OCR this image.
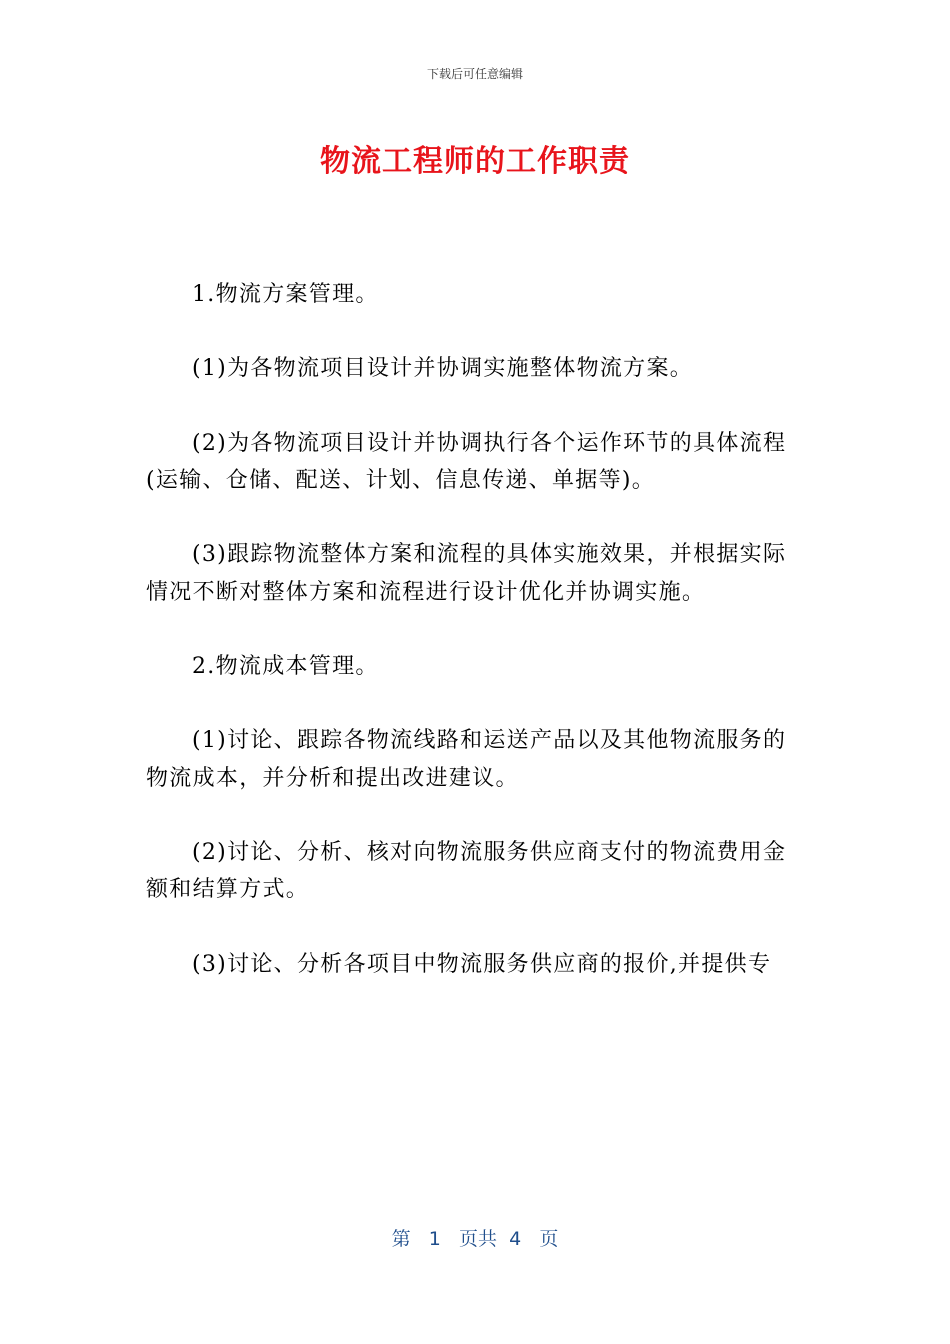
下载后可任意编辑
物流工程师的工作职责

1.物流方案管理。

(1)为各物流项目设计并协调实施整体物流方案。

(2)为各物流项目设计并协调执行各个运作环节的具体流程(运输、仓储、配送、计划、信息传递、单据等)。

(3)跟踪物流整体方案和流程的具体实施效果，并根据实际情况不断对整体方案和流程进行设计优化并协调实施。

2.物流成本管理。

(1)讨论、跟踪各物流线路和运送产品以及其他物流服务的物流成本，并分析和提出改进建议。

(2)讨论、分析、核对向物流服务供应商支付的物流费用金额和结算方式。

(3)讨论、分析各项目中物流服务供应商的报价,并提供专

第 1 页共 4 页
